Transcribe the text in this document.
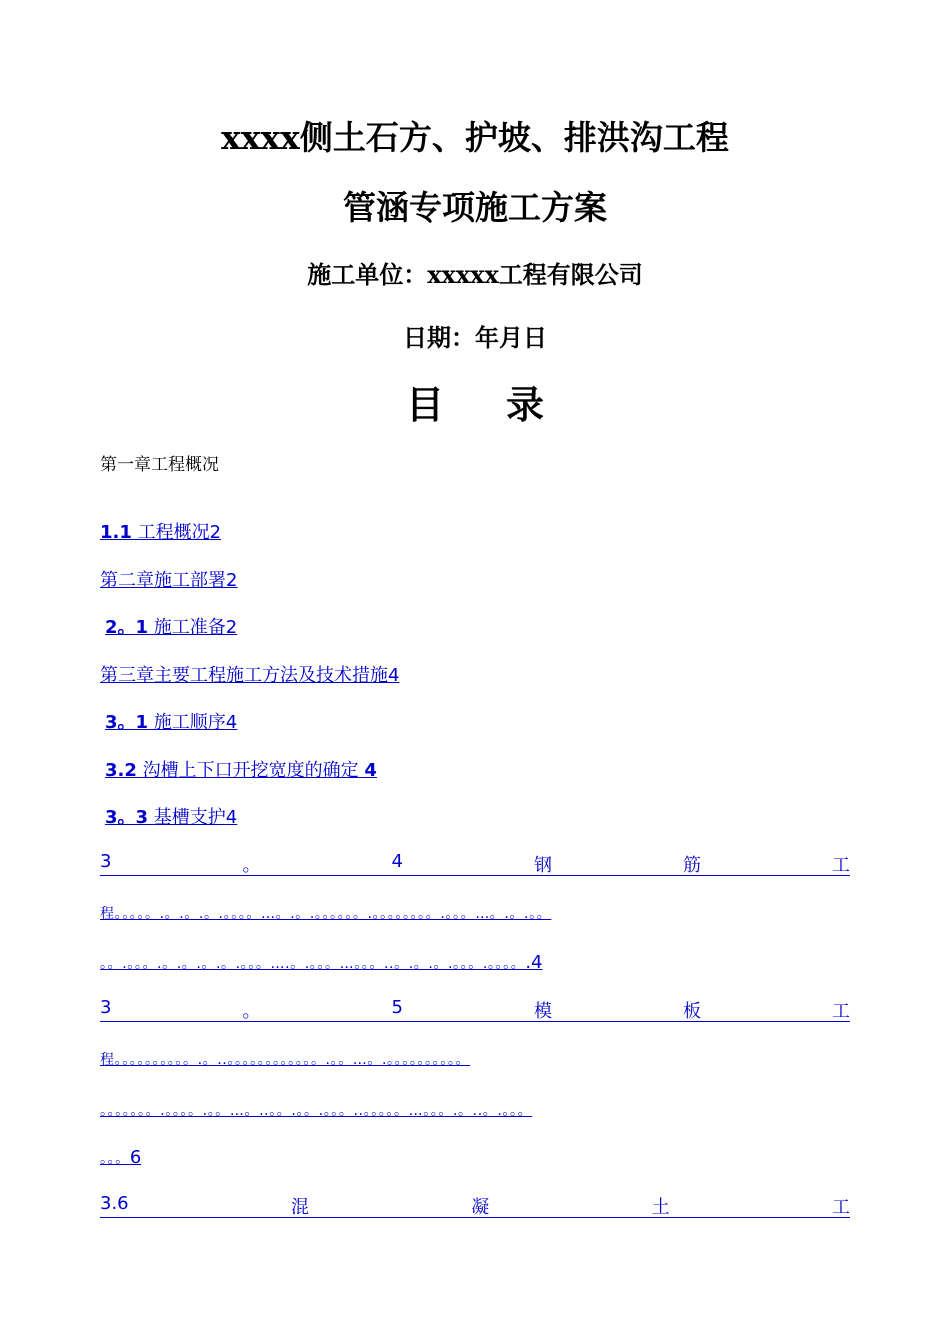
xxxx侧土石方、护坡、排洪沟工程
管涵专项施工方案
施工单位：xxxxx工程有限公司
日期：年月日
目 录
第一章工程概况
1.1 工程概况2
第二章施工部署2
2。1 施工准备2
第三章主要工程施工方法及技术措施4
3。1 施工顺序4
3.2 沟槽上下口开挖宽度的确定 4
3。3 基槽支护4
3	。	4	钢	筋	工
程。。。。。.。.。.。.。。。。…。.。.。。。。。。.。。。。。。。。.。。。…。.。.。。
。。.。。。.。.。.。.。.。。。….。.。。。…。。。..。.。.。.。。。.。。。。.4
3	。	5	模	板	工
程。。。。。。。。。。.。..。。。。。。。。。。。。.。。…。.。。。。。。。。。。
。。。。。。。.。。。。.。。…。..。。.。。.。。。..。。。。。…。。。.。..。.。。。
。。。6
3.6	混	凝	土	工
